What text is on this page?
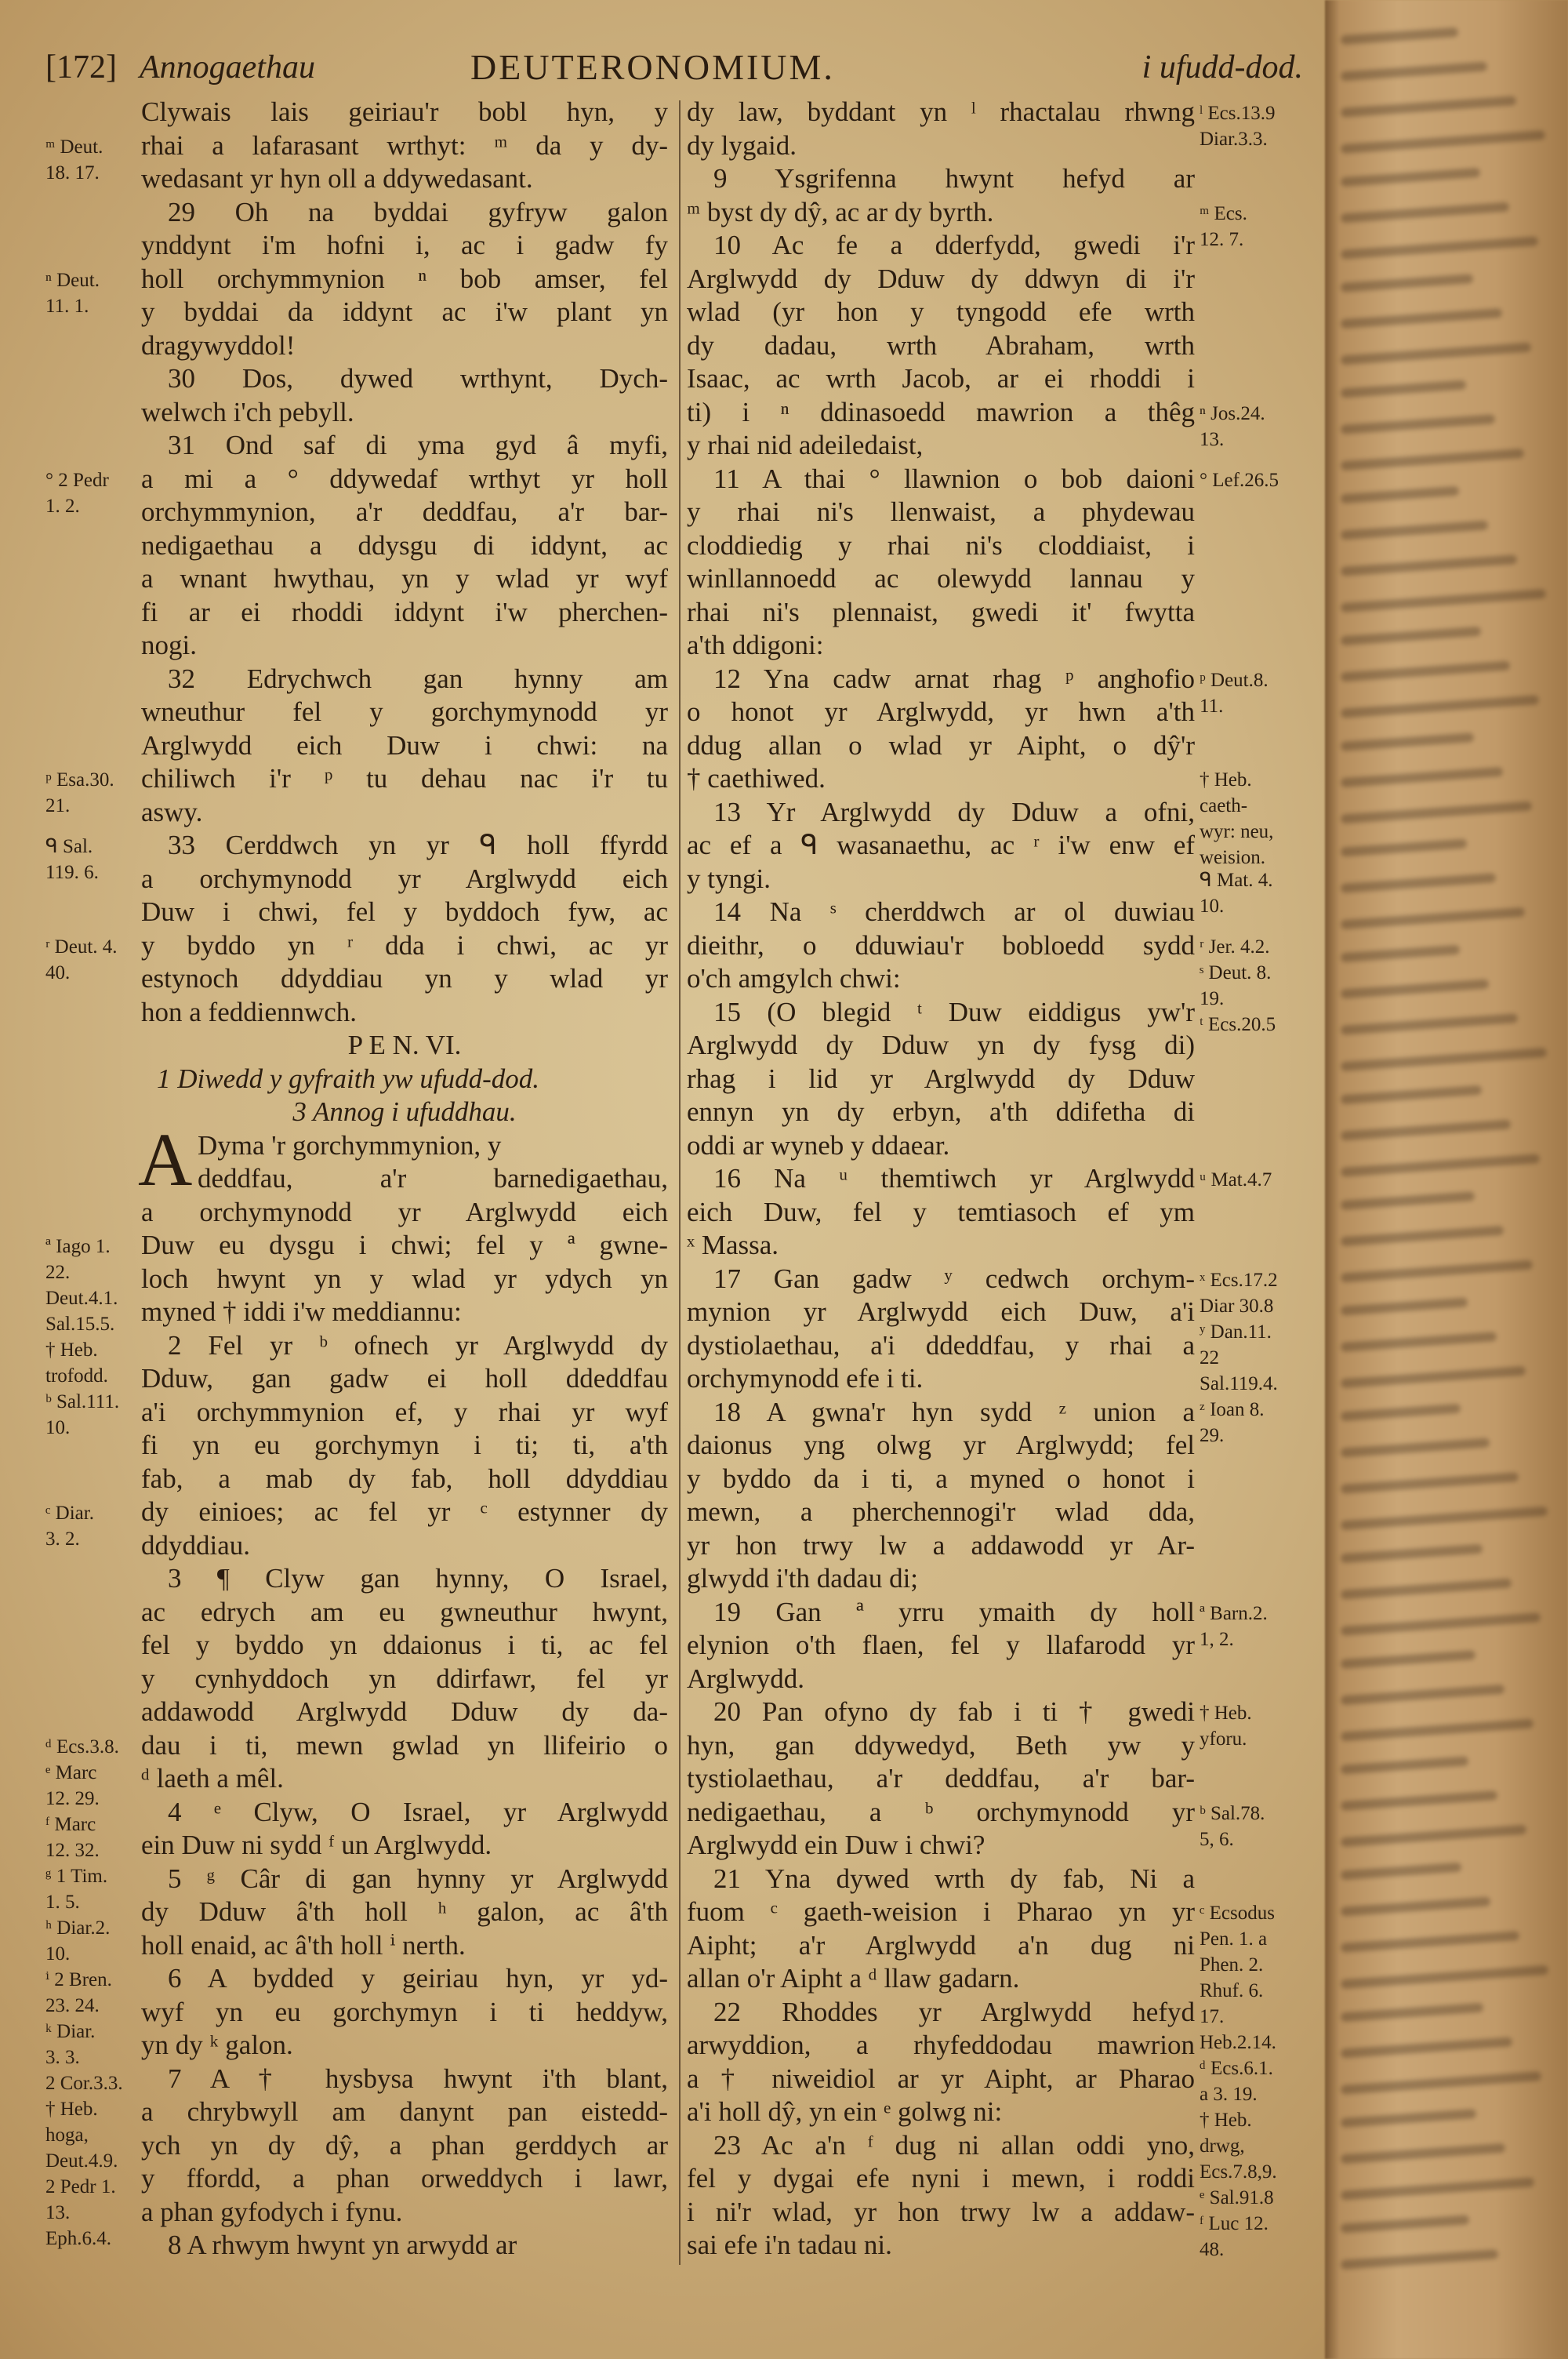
[172] Annogaethau	DEUTERONOMIUM.	i ufudd-dod.
ᵐ Deut.
18. 17.
ⁿ Deut.
11. 1.
° 2 Pedr
1. 2.
ᵖ Esa.30.
21.
ᑫ Sal.
119. 6.
ʳ Deut. 4.
40.
ª Iago 1.
22.
Deut.4.1.
Sal.15.5.
† Heb.
trofodd.
ᵇ Sal.111.
10.
ᶜ Diar.
3. 2.
ᵈ Ecs.3.8.
ᵉ Marc
12. 29.
ᶠ Marc
12. 32.
ᵍ 1 Tim.
1. 5.
ʰ Diar.2.
10.
ⁱ 2 Bren.
23. 24.
ᵏ Diar.
3. 3.
2 Cor.3.3.
† Heb.
hoga,
Deut.4.9.
2 Pedr 1.
13.
Eph.6.4.
Clywais lais geiriau'r bobl hyn, y
rhai a lafarasant wrthyt: ᵐ da y dy-
wedasant yr hyn oll a ddywedasant.
29 Oh na byddai gyfryw galon
ynddynt i'm hofni i, ac i gadw fy
holl orchymmynion ⁿ bob amser, fel
y byddai da iddynt ac i'w plant yn
dragywyddol!
30 Dos, dywed wrthynt, Dych-
welwch i'ch pebyll.
31 Ond saf di yma gyd â myfi,
a mi a ° ddywedaf wrthyt yr holl
orchymmynion, a'r deddfau, a'r bar-
nedigaethau a ddysgu di iddynt, ac
a wnant hwythau, yn y wlad yr wyf
fi ar ei rhoddi iddynt i'w pherchen-
nogi.
32 Edrychwch gan hynny am
wneuthur fel y gorchymynodd yr
Arglwydd eich Duw i chwi: na
chiliwch i'r ᵖ tu dehau nac i'r tu
aswy.
33 Cerddwch yn yr ᑫ holl ffyrdd
a orchymynodd yr Arglwydd eich
Duw i chwi, fel y byddoch fyw, ac
y byddo yn ʳ dda i chwi, ac yr
estynoch ddyddiau yn y wlad yr
hon a feddiennwch.
P E N. VI.
1 Diwedd y gyfraith yw ufudd-dod.
3 Annog i ufuddhau.
Dyma 'r gorchymmynion, y
A deddfau, a'r barnedigaethau,
a orchymynodd yr Arglwydd eich
Duw eu dysgu i chwi; fel y ª gwne-
loch hwynt yn y wlad yr ydych yn
myned † iddi i'w meddiannu:
2 Fel yr ᵇ ofnech yr Arglwydd dy
Dduw, gan gadw ei holl ddeddfau
a'i orchymmynion ef, y rhai yr wyf
fi yn eu gorchymyn i ti; ti, a'th
fab, a mab dy fab, holl ddyddiau
dy einioes; ac fel yr ᶜ estynner dy
ddyddiau.
3 ¶ Clyw gan hynny, O Israel,
ac edrych am eu gwneuthur hwynt,
fel y byddo yn ddaionus i ti, ac fel
y cynhyddoch yn ddirfawr, fel yr
addawodd Arglwydd Dduw dy da-
dau i ti, mewn gwlad yn llifeirio o
ᵈ laeth a mêl.
4 ᵉ Clyw, O Israel, yr Arglwydd
ein Duw ni sydd ᶠ un Arglwydd.
5 ᵍ Câr di gan hynny yr Arglwydd
dy Dduw â'th holl ʰ galon, ac â'th
holl enaid, ac â'th holl ⁱ nerth.
6 A bydded y geiriau hyn, yr yd-
wyf yn eu gorchymyn i ti heddyw,
yn dy ᵏ galon.
7 A † hysbysa hwynt i'th blant,
a chrybwyll am danynt pan eistedd-
ych yn dy dŷ, a phan gerddych ar
y ffordd, a phan orweddych i lawr,
a phan gyfodych i fynu.
8 A rhwym hwynt yn arwydd ar
dy law, byddant yn ˡ rhactalau rhwng
dy lygaid.
9 Ysgrifenna hwynt hefyd ar
ᵐ byst dy dŷ, ac ar dy byrth.
10 Ac fe a dderfydd, gwedi i'r
Arglwydd dy Dduw dy ddwyn di i'r
wlad (yr hon y tyngodd efe wrth
dy dadau, wrth Abraham, wrth
Isaac, ac wrth Jacob, ar ei rhoddi i
ti) i ⁿ ddinasoedd mawrion a thêg
y rhai nid adeiledaist,
11 A thai ° llawnion o bob daioni
y rhai ni's llenwaist, a phydewau
cloddiedig y rhai ni's cloddiaist, i
winllannoedd ac olewydd lannau y
rhai ni's plennaist, gwedi it' fwytta
a'th ddigoni:
12 Yna cadw arnat rhag ᵖ anghofio
o honot yr Arglwydd, yr hwn a'th
ddug allan o wlad yr Aipht, o dŷ'r
† caethiwed.
13 Yr Arglwydd dy Dduw a ofni,
ac ef a ᑫ wasanaethu, ac ʳ i'w enw ef
y tyngi.
14 Na ˢ cherddwch ar ol duwiau
dieithr, o dduwiau'r bobloedd sydd
o'ch amgylch chwi:
15 (O blegid ᵗ Duw eiddigus yw'r
Arglwydd dy Dduw yn dy fysg di)
rhag i lid yr Arglwydd dy Dduw
ennyn yn dy erbyn, a'th ddifetha di
oddi ar wyneb y ddaear.
16 Na ᵘ themtiwch yr Arglwydd
eich Duw, fel y temtiasoch ef ym
ˣ Massa.
17 Gan gadw ʸ cedwch orchym-
mynion yr Arglwydd eich Duw, a'i
dystiolaethau, a'i ddeddfau, y rhai a
orchymynodd efe i ti.
18 A gwna'r hyn sydd ᶻ union a
daionus yng olwg yr Arglwydd; fel
y byddo da i ti, a myned o honot i
mewn, a pherchennogi'r wlad dda,
yr hon trwy lw a addawodd yr Ar-
glwydd i'th dadau di;
19 Gan ª yrru ymaith dy holl
elynion o'th flaen, fel y llafarodd yr
Arglwydd.
20 Pan ofyno dy fab i ti † gwedi
hyn, gan ddywedyd, Beth yw y
tystiolaethau, a'r deddfau, a'r bar-
nedigaethau, a ᵇ orchymynodd yr
Arglwydd ein Duw i chwi?
21 Yna dywed wrth dy fab, Ni a
fuom ᶜ gaeth-weision i Pharao yn yr
Aipht; a'r Arglwydd a'n dug ni
allan o'r Aipht a ᵈ llaw gadarn.
22 Rhoddes yr Arglwydd hefyd
arwyddion, a rhyfeddodau mawrion
a † niweidiol ar yr Aipht, ar Pharao
a'i holl dŷ, yn ein ᵉ golwg ni:
23 Ac a'n ᶠ dug ni allan oddi yno,
fel y dygai efe nyni i mewn, i roddi
i ni'r wlad, yr hon trwy lw a addaw-
sai efe i'n tadau ni.
ˡ Ecs.13.9
Diar.3.3.
ᵐ Ecs.
12. 7.
ⁿ Jos.24.
13.
° Lef.26.5
ᵖ Deut.8.
11.
† Heb.
caeth-
wyr: neu,
weision.
ᑫ Mat. 4.
10.
ʳ Jer. 4.2.
ˢ Deut. 8.
19.
ᵗ Ecs.20.5
ᵘ Mat.4.7
ˣ Ecs.17.2
Diar 30.8
ʸ Dan.11.
22
Sal.119.4.
ᶻ Ioan 8.
29.
ª Barn.2.
1, 2.
† Heb.
yforu.
ᵇ Sal.78.
5, 6.
ᶜ Ecsodus
Pen. 1. a
Phen. 2.
Rhuf. 6.
17.
Heb.2.14.
ᵈ Ecs.6.1.
a 3. 19.
† Heb.
drwg,
Ecs.7.8,9.
ᵉ Sal.91.8
ᶠ Luc 12.
48.
